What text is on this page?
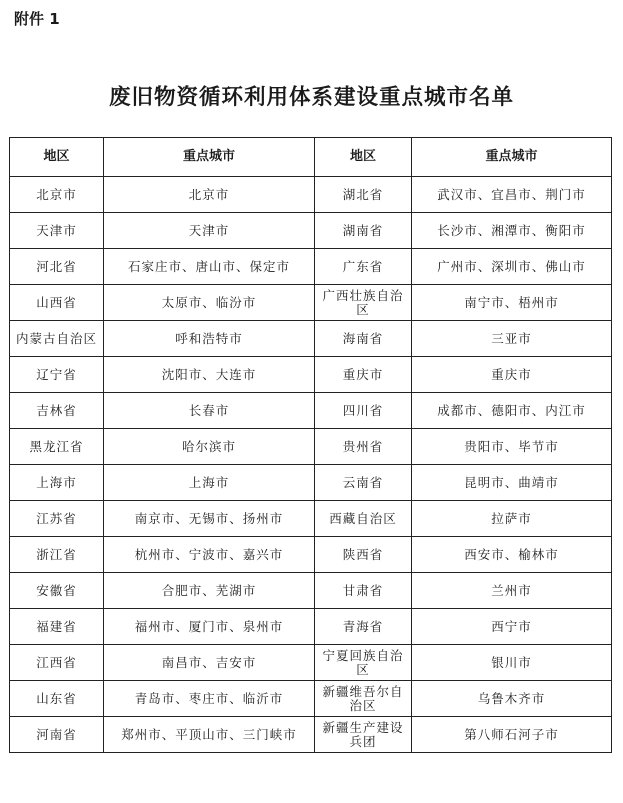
附件 1
废旧物资循环利用体系建设重点城市名单
地区	重点城市	地区	重点城市
北京市	北京市	湖北省	武汉市、宜昌市、荆门市
天津市	天津市	湖南省	长沙市、湘潭市、衡阳市
河北省	石家庄市、唐山市、保定市	广东省	广州市、深圳市、佛山市
山西省	太原市、临汾市	广西壮族自治区	南宁市、梧州市
内蒙古自治区	呼和浩特市	海南省	三亚市
辽宁省	沈阳市、大连市	重庆市	重庆市
吉林省	长春市	四川省	成都市、德阳市、内江市
黑龙江省	哈尔滨市	贵州省	贵阳市、毕节市
上海市	上海市	云南省	昆明市、曲靖市
江苏省	南京市、无锡市、扬州市	西藏自治区	拉萨市
浙江省	杭州市、宁波市、嘉兴市	陕西省	西安市、榆林市
安徽省	合肥市、芜湖市	甘肃省	兰州市
福建省	福州市、厦门市、泉州市	青海省	西宁市
江西省	南昌市、吉安市	宁夏回族自治区	银川市
山东省	青岛市、枣庄市、临沂市	新疆维吾尔自治区	乌鲁木齐市
河南省	郑州市、平顶山市、三门峡市	新疆生产建设兵团	第八师石河子市
